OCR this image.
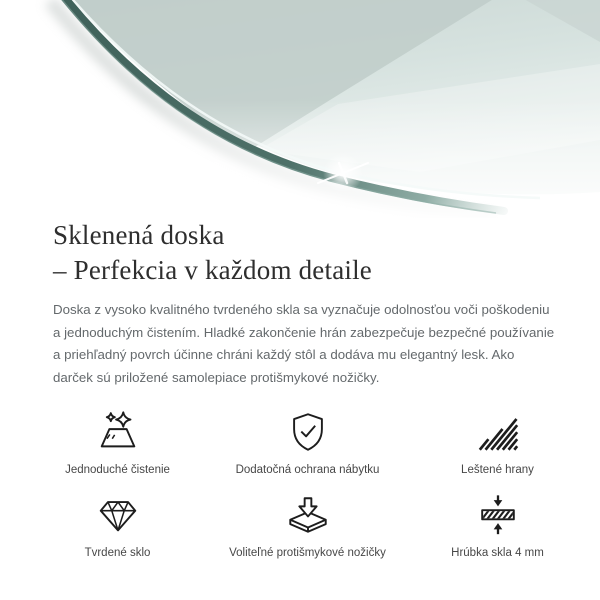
Sklenená doska
– Perfekcia v každom detaile

Doska z vysoko kvalitného tvrdeného skla sa vyznačuje odolnosťou voči poškodeniu a jednoduchým čistením. Hladké zakončenie hrán zabezpečuje bezpečné používanie a priehľadný povrch účinne chráni každý stôl a dodáva mu elegantný lesk. Ako darček sú priložené samolepiace protišmykové nožičky.

Jednoduché čistenie	Dodatočná ochrana nábytku	Leštené hrany
Tvrdené sklo	Voliteľné protišmykové nožičky	Hrúbka skla 4 mm
